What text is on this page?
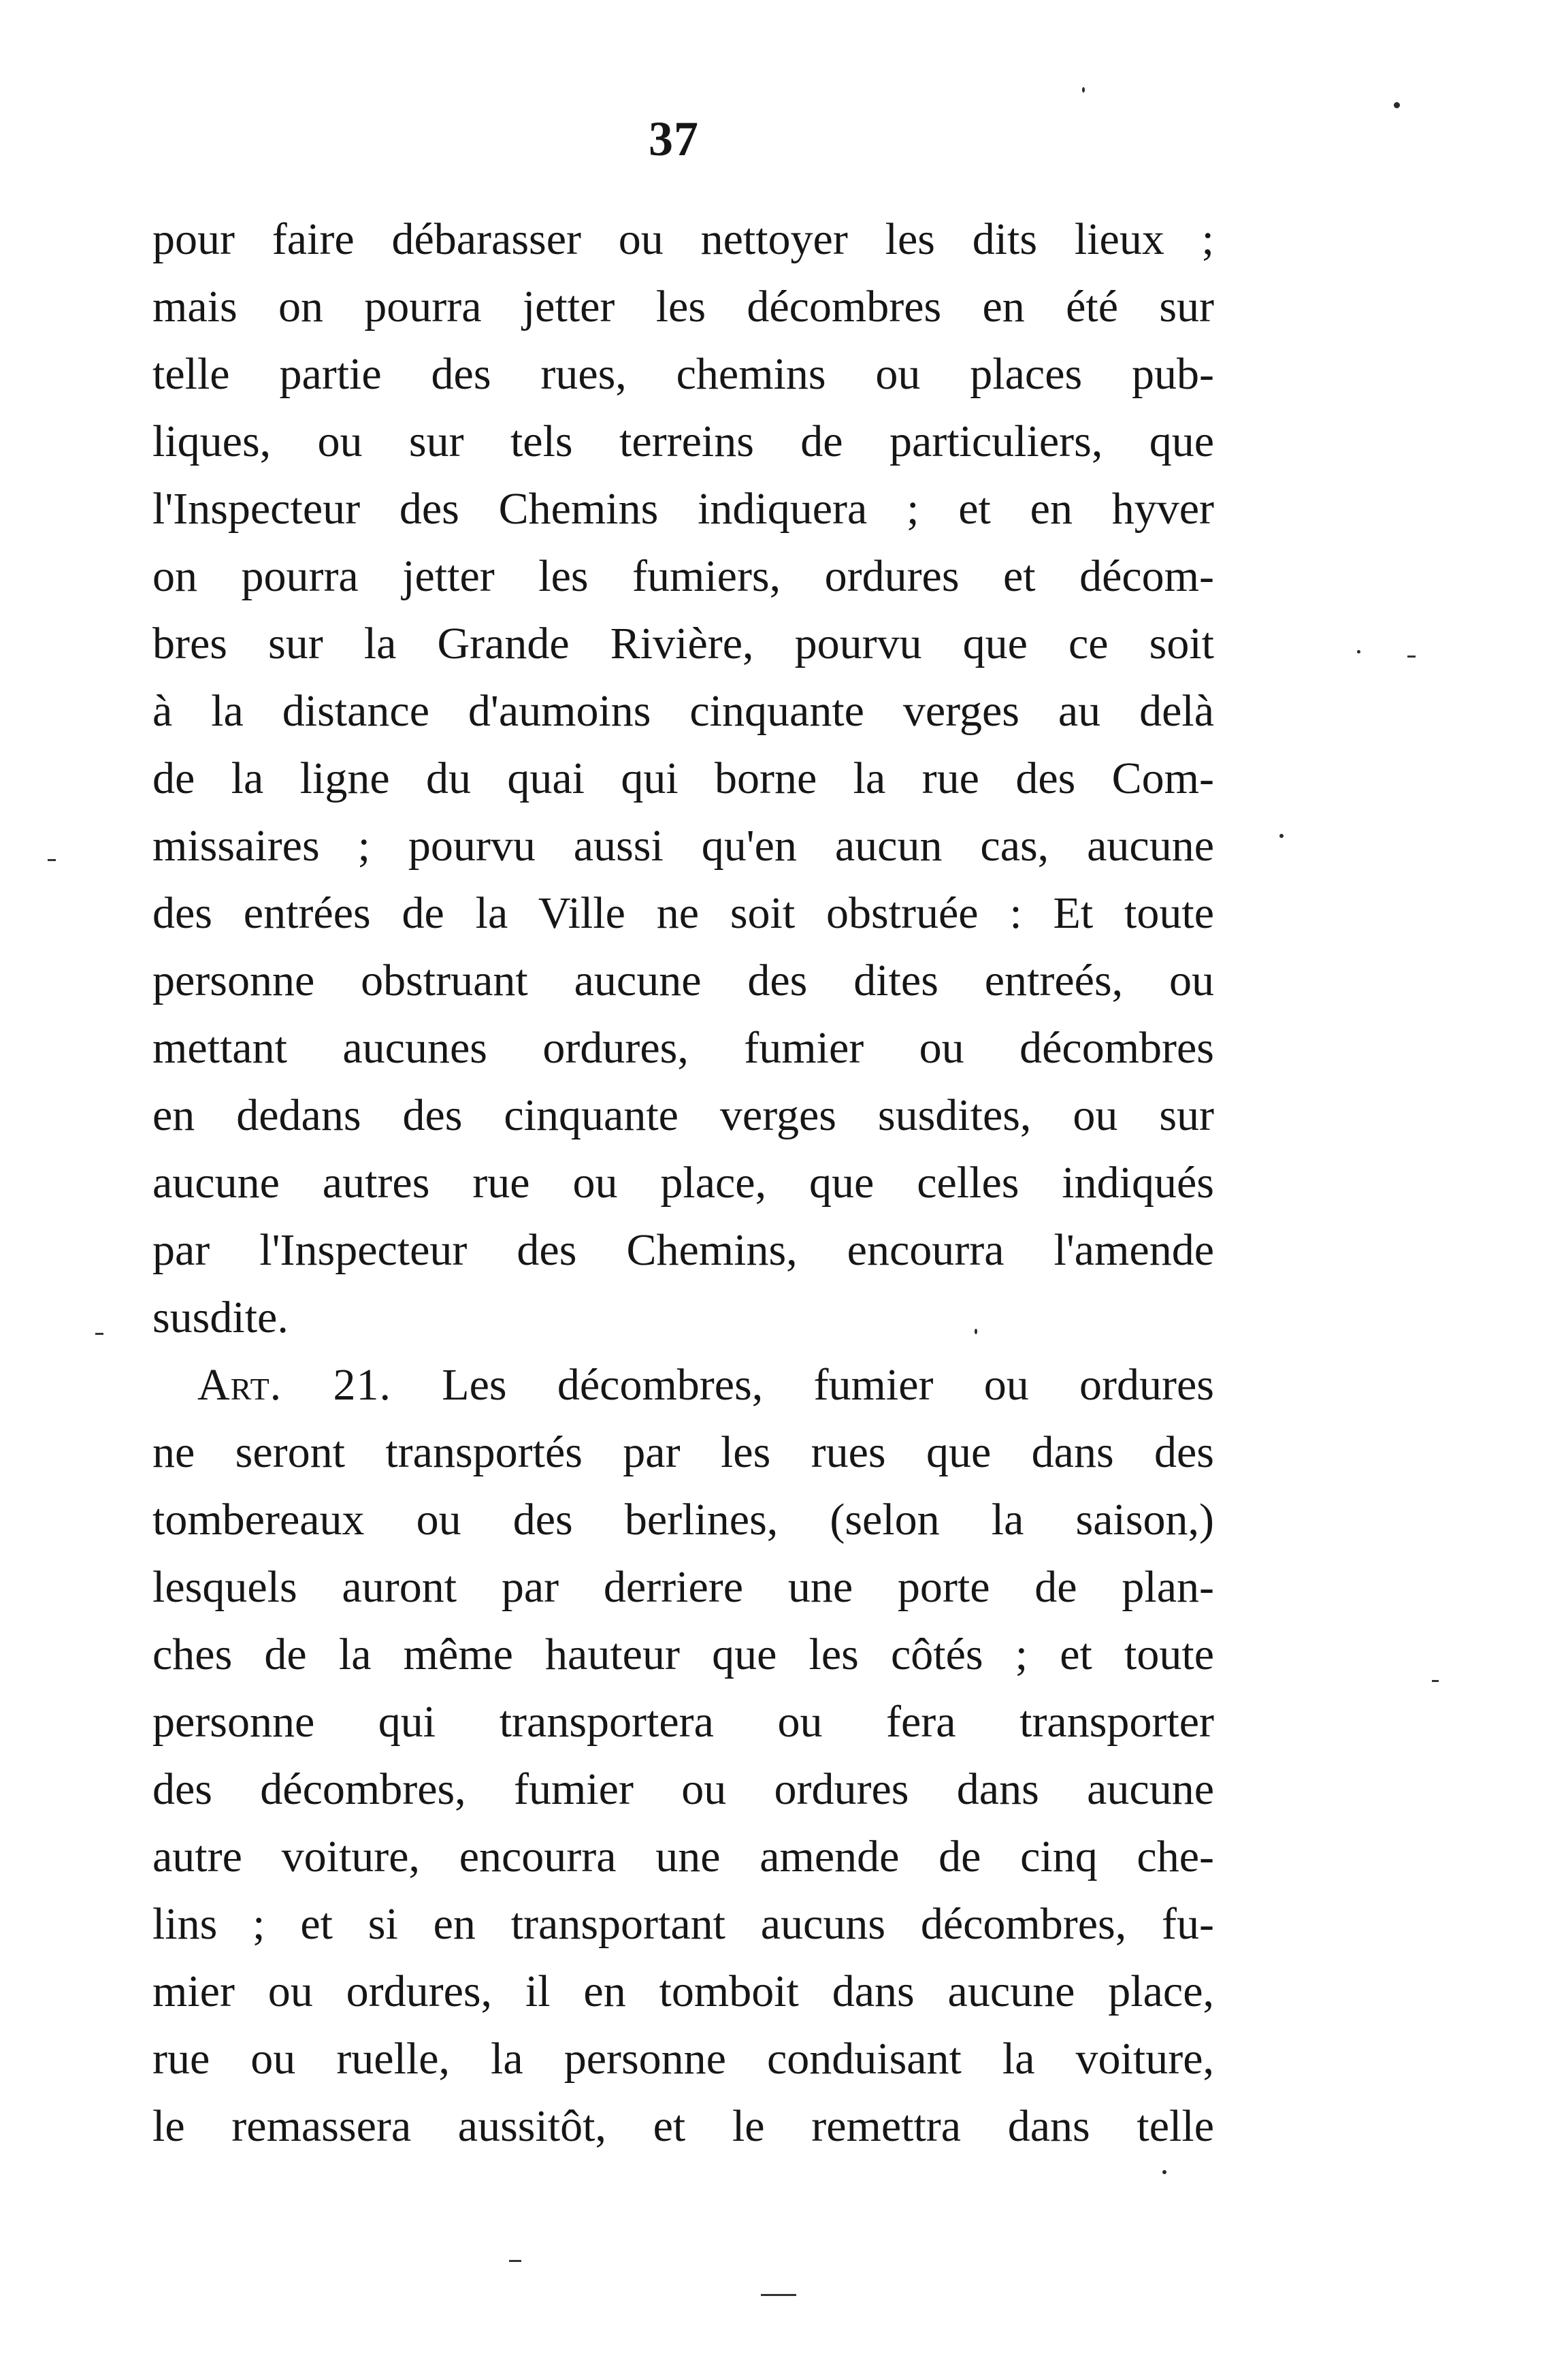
37
pour faire débarasser ou nettoyer les dits lieux ;
mais on pourra jetter les décombres en été sur
telle partie des rues, chemins ou places pub-
liques, ou sur tels terreins de particuliers, que
l'Inspecteur des Chemins indiquera ; et en hyver
on pourra jetter les fumiers, ordures et décom-
bres sur la Grande Rivière, pourvu que ce soit
à la distance d'aumoins cinquante verges au delà
de la ligne du quai qui borne la rue des Com-
missaires ; pourvu aussi qu'en aucun cas, aucune
des entrées de la Ville ne soit obstruée : Et toute
personne obstruant aucune des dites entreés, ou
mettant aucunes ordures, fumier ou décombres
en dedans des cinquante verges susdites, ou sur
aucune autres rue ou place, que celles indiqués
par l'Inspecteur des Chemins, encourra l'amende
susdite.
Art. 21. Les décombres, fumier ou ordures
ne seront transportés par les rues que dans des
tombereaux ou des berlines, (selon la saison,)
lesquels auront par derriere une porte de plan-
ches de la même hauteur que les côtés ; et toute
personne qui transportera ou fera transporter
des décombres, fumier ou ordures dans aucune
autre voiture, encourra une amende de cinq che-
lins ; et si en transportant aucuns décombres, fu-
mier ou ordures, il en tomboit dans aucune place,
rue ou ruelle, la personne conduisant la voiture,
le remassera aussitôt, et le remettra dans telle
